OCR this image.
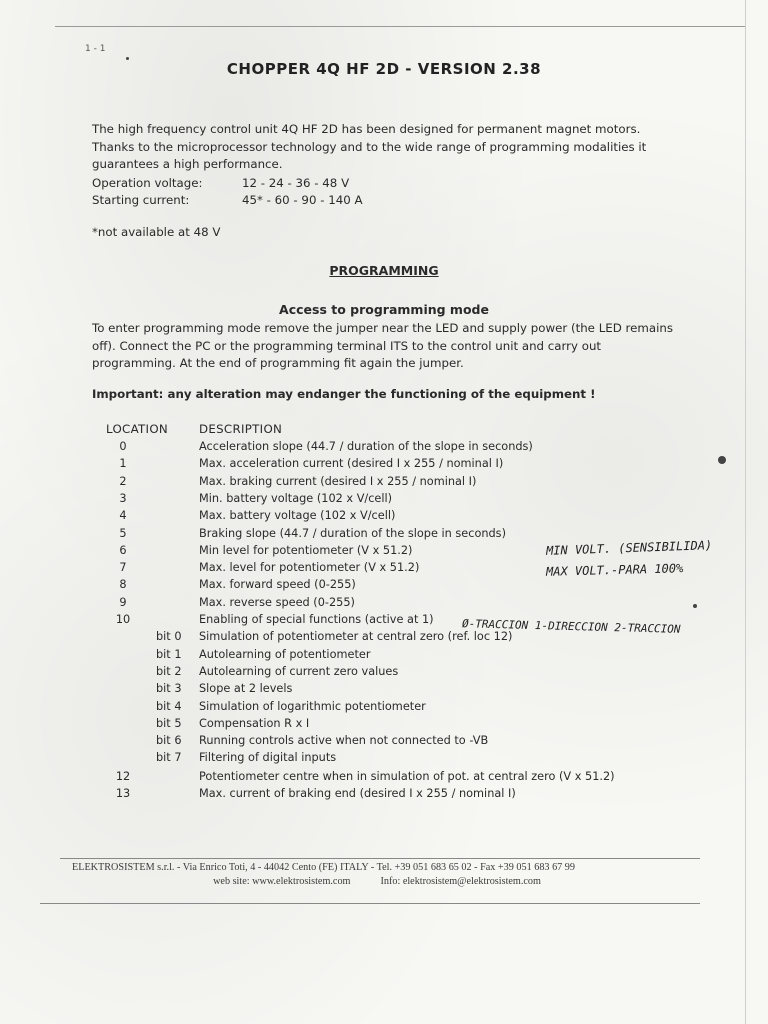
1 - 1
CHOPPER 4Q HF 2D - VERSION 2.38

The high frequency control unit 4Q HF 2D has been designed for permanent magnet motors. Thanks to the microprocessor technology and to the wide range of programming modalities it guarantees a high performance.

Operation voltage:	12 - 24 - 36 - 48 V
Starting current:	45* - 60 - 90 - 140 A
*not available at 48 V
PROGRAMMING
Access to programming mode

To enter programming mode remove the jumper near the LED and supply power (the LED remains off). Connect the PC or the programming terminal ITS to the control unit and carry out programming. At the end of programming fit again the jumper.

Important: any alteration may endanger the functioning of the equipment !
LOCATION	DESCRIPTION
0	Acceleration slope (44.7 / duration of the slope in seconds)
1	Max. acceleration current (desired I x 255 / nominal I)
2	Max. braking current (desired I x 255 / nominal I)
3	Min. battery voltage (102 x V/cell)
4	Max. battery voltage (102 x V/cell)
5	Braking slope (44.7 / duration of the slope in seconds)
6	Min level for potentiometer (V x 51.2)
7	Max. level for potentiometer (V x 51.2)
8	Max. forward speed (0-255)
9	Max. reverse speed (0-255)
10	Enabling of special functions (active at 1)
bit 0 Simulation of potentiometer at central zero (ref. loc 12)
bit 1 Autolearning of potentiometer
bit 2 Autolearning of current zero values
bit 3 Slope at 2 levels
bit 4 Simulation of logarithmic potentiometer
bit 5 Compensation R x I
bit 6 Running controls active when not connected to -VB
bit 7 Filtering of digital inputs
12	Potentiometer centre when in simulation of pot. at central zero (V x 51.2)
13	Max. current of braking end (desired I x 255 / nominal I)
MIN VOLT. (SENSIBILIDA)
MAX VOLT.-PARA 100%
Ø-TRACCION 1-DIRECCION 2-TRACCION
ELEKTROSISTEM s.r.l. - Via Enrico Toti, 4 - 44042 Cento (FE) ITALY - Tel. +39 051 683 65 02 - Fax +39 051 683 67 99
web site: www.elektrosistem.com	Info: elektrosistem@elektrosistem.com
